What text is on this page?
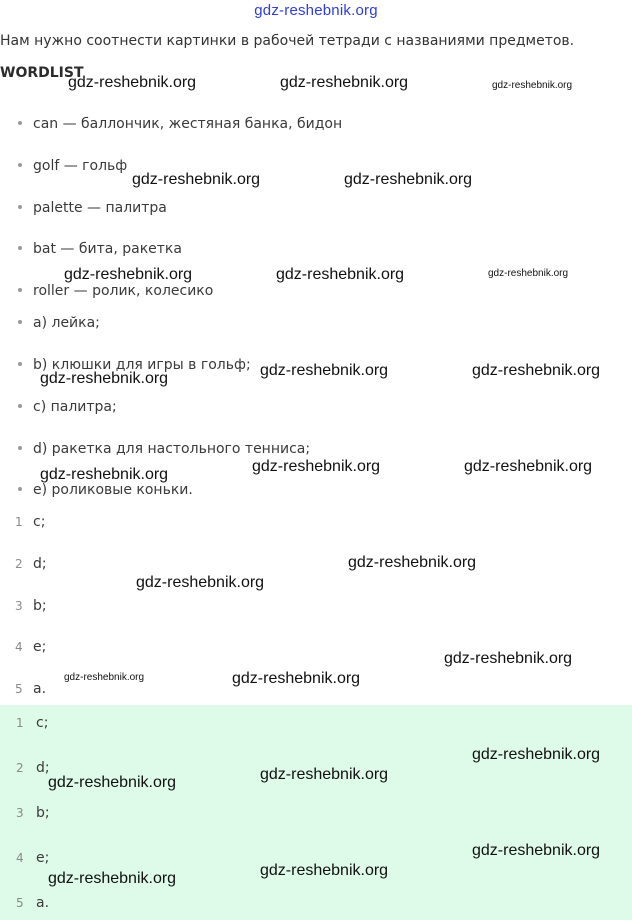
gdz-reshebnik.org
Нам нужно соотнести картинки в рабочей тетради с названиями предметов.
WORDLIST
can — баллончик, жестяная банка, бидон
golf — гольф
palette — палитра
bat — бита, ракетка
roller — ролик, колесико
a) лейка;
b) клюшки для игры в гольф;
c) палитра;
d) ракетка для настольного тенниса;
e) роликовые коньки.
1 c;
2 d;
3 b;
4 e;
5 a.
1 c;
2 d;
3 b;
4 e;
5 a.
gdz-reshebnik.org	gdz-reshebnik.org	gdz-reshebnik.org
gdz-reshebnik.org	gdz-reshebnik.org
gdz-reshebnik.org	gdz-reshebnik.org	gdz-reshebnik.org
gdz-reshebnik.org	gdz-reshebnik.org	gdz-reshebnik.org
gdz-reshebnik.org	gdz-reshebnik.org	gdz-reshebnik.org
gdz-reshebnik.org
gdz-reshebnik.org
gdz-reshebnik.org
gdz-reshebnik.org	gdz-reshebnik.org
gdz-reshebnik.org
gdz-reshebnik.org
gdz-reshebnik.org
gdz-reshebnik.org
gdz-reshebnik.org
gdz-reshebnik.org
